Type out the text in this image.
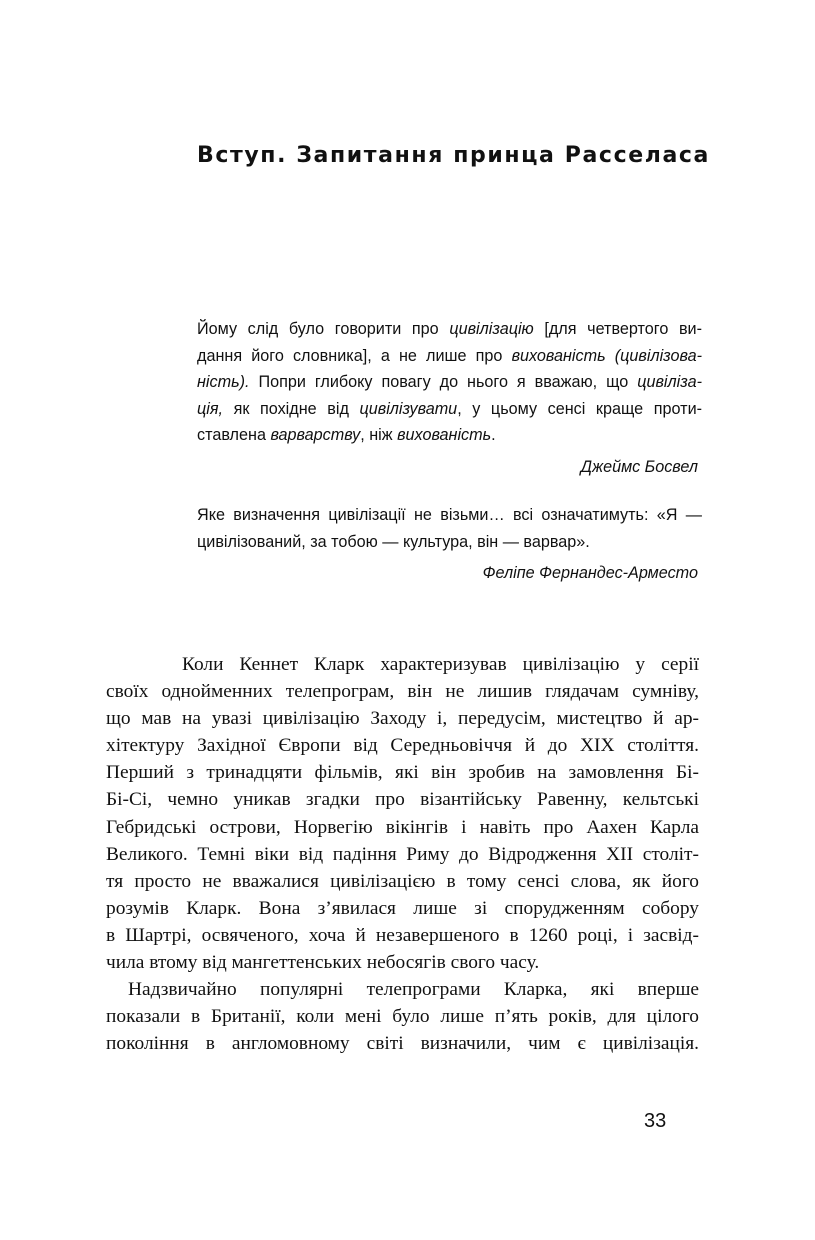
Вступ. Запитання принца Расселаса

Йому слід було говорити про цивілізацію [для четвертого ви-
дання його словника], а не лише про вихованість (цивілізова-
ність). Попри глибоку повагу до нього я вважаю, що цивіліза-
ція, як похідне від цивілізувати, у цьому сенсі краще проти-
ставлена варварству, ніж вихованість.

Джеймс Босвел

Яке визначення цивілізації не візьми… всі означатимуть: «Я —
цивілізований, за тобою — культура, він — варвар».

Феліпе Фернандес-Арместо

Коли Кеннет Кларк характеризував цивілізацію у серії
своїх однойменних телепрограм, він не лишив глядачам сумніву,
що мав на увазі цивілізацію Заходу і, передусім, мистецтво й ар-
хітектуру Західної Європи від Середньовіччя й до XIX століття.
Перший з тринадцяти фільмів, які він зробив на замовлення Бі-
Бі-Сі, чемно уникав згадки про візантійську Равенну, кельтські
Гебридські острови, Норвегію вікінгів і навіть про Аахен Карла
Великого. Темні віки від падіння Риму до Відродження XII століт-
тя просто не вважалися цивілізацією в тому сенсі слова, як його
розумів Кларк. Вона з’явилася лише зі спорудженням собору
в Шартрі, освяченого, хоча й незавершеного в 1260 році, і засвід-
чила втому від мангеттенських небосягів свого часу.

Надзвичайно популярні телепрограми Кларка, які вперше
показали в Британії, коли мені було лише п’ять років, для цілого
покоління в англомовному світі визначили, чим є цивілізація.

33
